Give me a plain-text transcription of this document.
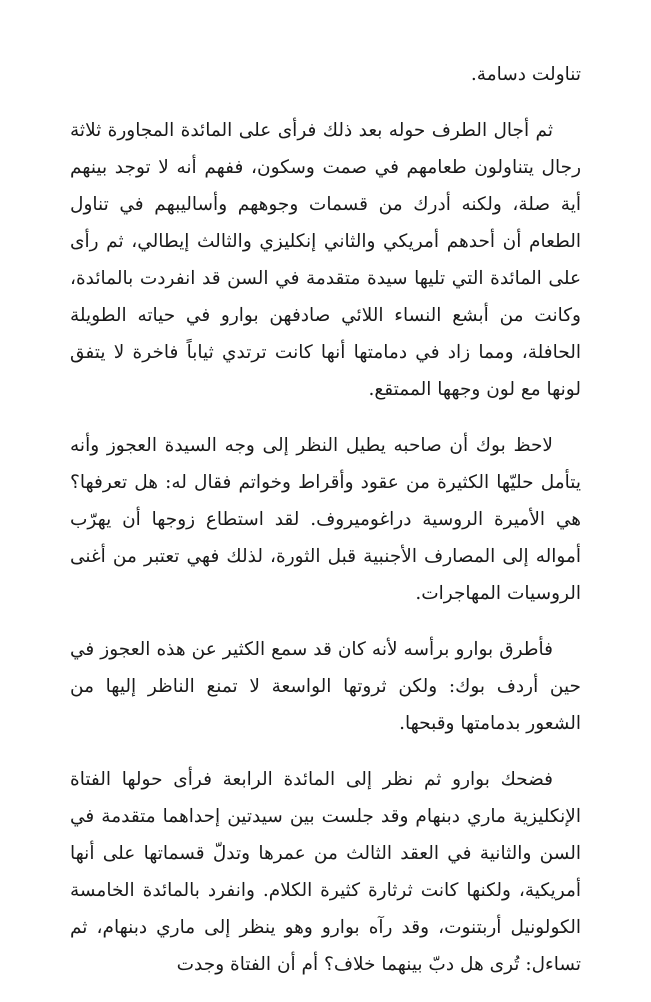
تناولت دسامة.

ثم أجال الطرف حوله بعد ذلك فرأى على المائدة المجاورة ثلاثة رجال يتناولون طعامهم في صمت وسكون، ففهم أنه لا توجد بينهم أية صلة، ولكنه أدرك من قسمات وجوههم وأساليبهم في تناول الطعام أن أحدهم أمريكي والثاني إنكليزي والثالث إيطالي، ثم رأى على المائدة التي تليها سيدة متقدمة في السن قد انفردت بالمائدة، وكانت من أبشع النساء اللائي صادفهن بوارو في حياته الطويلة الحافلة، ومما زاد في دمامتها أنها كانت ترتدي ثياباً فاخرة لا يتفق لونها مع لون وجهها الممتقع.

لاحظ بوك أن صاحبه يطيل النظر إلى وجه السيدة العجوز وأنه يتأمل حليّها الكثيرة من عقود وأقراط وخواتم فقال له: هل تعرفها؟ هي الأميرة الروسية دراغوميروف. لقد استطاع زوجها أن يهرّب أمواله إلى المصارف الأجنبية قبل الثورة، لذلك فهي تعتبر من أغنى الروسيات المهاجرات.

فأطرق بوارو برأسه لأنه كان قد سمع الكثير عن هذه العجوز في حين أردف بوك: ولكن ثروتها الواسعة لا تمنع الناظر إليها من الشعور بدمامتها وقبحها.

فضحك بوارو ثم نظر إلى المائدة الرابعة فرأى حولها الفتاة الإنكليزية ماري دبنهام وقد جلست بين سيدتين إحداهما متقدمة في السن والثانية في العقد الثالث من عمرها وتدلّ قسماتها على أنها أمريكية، ولكنها كانت ثرثارة كثيرة الكلام. وانفرد بالمائدة الخامسة الكولونيل أربتنوت، وقد رآه بوارو وهو ينظر إلى ماري دبنهام، ثم تساءل: تُرى هل دبّ بينهما خلاف؟ أم أن الفتاة وجدت
